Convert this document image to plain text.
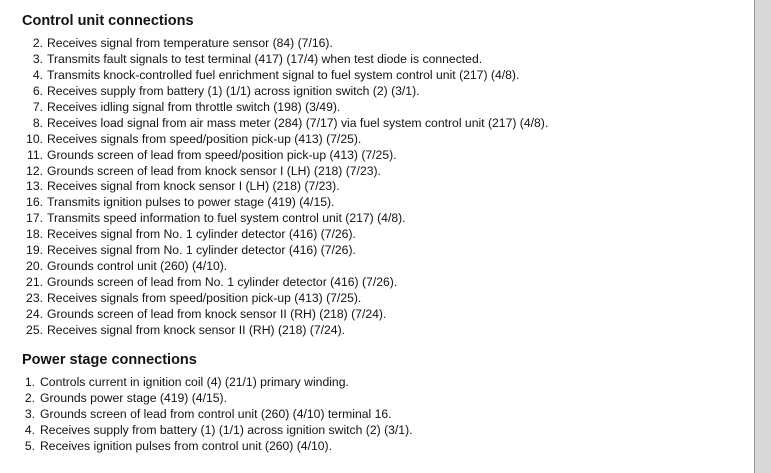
Control unit connections
2. Receives signal from temperature sensor (84) (7/16).
3. Transmits fault signals to test terminal (417) (17/4) when test diode is connected.
4. Transmits knock-controlled fuel enrichment signal to fuel system control unit (217) (4/8).
6. Receives supply from battery (1) (1/1) across ignition switch (2) (3/1).
7. Receives idling signal from throttle switch (198) (3/49).
8. Receives load signal from air mass meter (284) (7/17) via fuel system control unit (217) (4/8).
10. Receives signals from speed/position pick-up (413) (7/25).
11. Grounds screen of lead from speed/position pick-up (413) (7/25).
12. Grounds screen of lead from knock sensor I (LH) (218) (7/23).
13. Receives signal from knock sensor I (LH) (218) (7/23).
16. Transmits ignition pulses to power stage (419) (4/15).
17. Transmits speed information to fuel system control unit (217) (4/8).
18. Receives signal from No. 1 cylinder detector (416) (7/26).
19. Receives signal from No. 1 cylinder detector (416) (7/26).
20. Grounds control unit (260) (4/10).
21. Grounds screen of lead from No. 1 cylinder detector (416) (7/26).
23. Receives signals from speed/position pick-up (413) (7/25).
24. Grounds screen of lead from knock sensor II (RH) (218) (7/24).
25. Receives signal from knock sensor II (RH) (218) (7/24).
Power stage connections
1. Controls current in ignition coil (4) (21/1) primary winding.
2. Grounds power stage (419) (4/15).
3. Grounds screen of lead from control unit (260) (4/10) terminal 16.
4. Receives supply from battery (1) (1/1) across ignition switch (2) (3/1).
5. Receives ignition pulses from control unit (260) (4/10).
